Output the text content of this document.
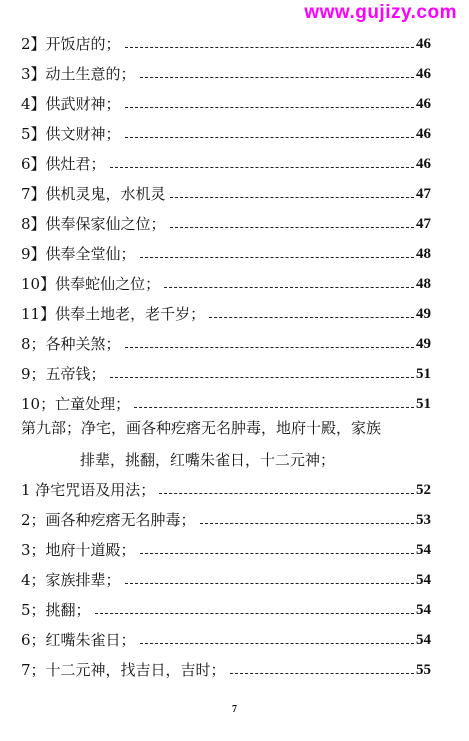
www.gujizy.com
2】开饭店的；	46
3】动土生意的；	46
4】供武财神；	46
5】供文财神；	46
6】供灶君；	46
7】供机灵鬼，水机灵	47
8】供奉保家仙之位；	47
9】供奉全堂仙；	48
10】供奉蛇仙之位；	48
11】供奉土地老，老千岁；	49
8；各种关煞；	49
9；五帝钱；	51
10；亡童处理；	51
第九部；净宅，画各种疙瘩无名肿毒，地府十殿，家族
排辈，挑翻，红嘴朱雀日，十二元神；
1 净宅咒语及用法；	52
2；画各种疙瘩无名肿毒；	53
3；地府十道殿；	54
4；家族排辈；	54
5；挑翻；	54
6；红嘴朱雀日；	54
7；十二元神，找吉日，吉时；	55
7
